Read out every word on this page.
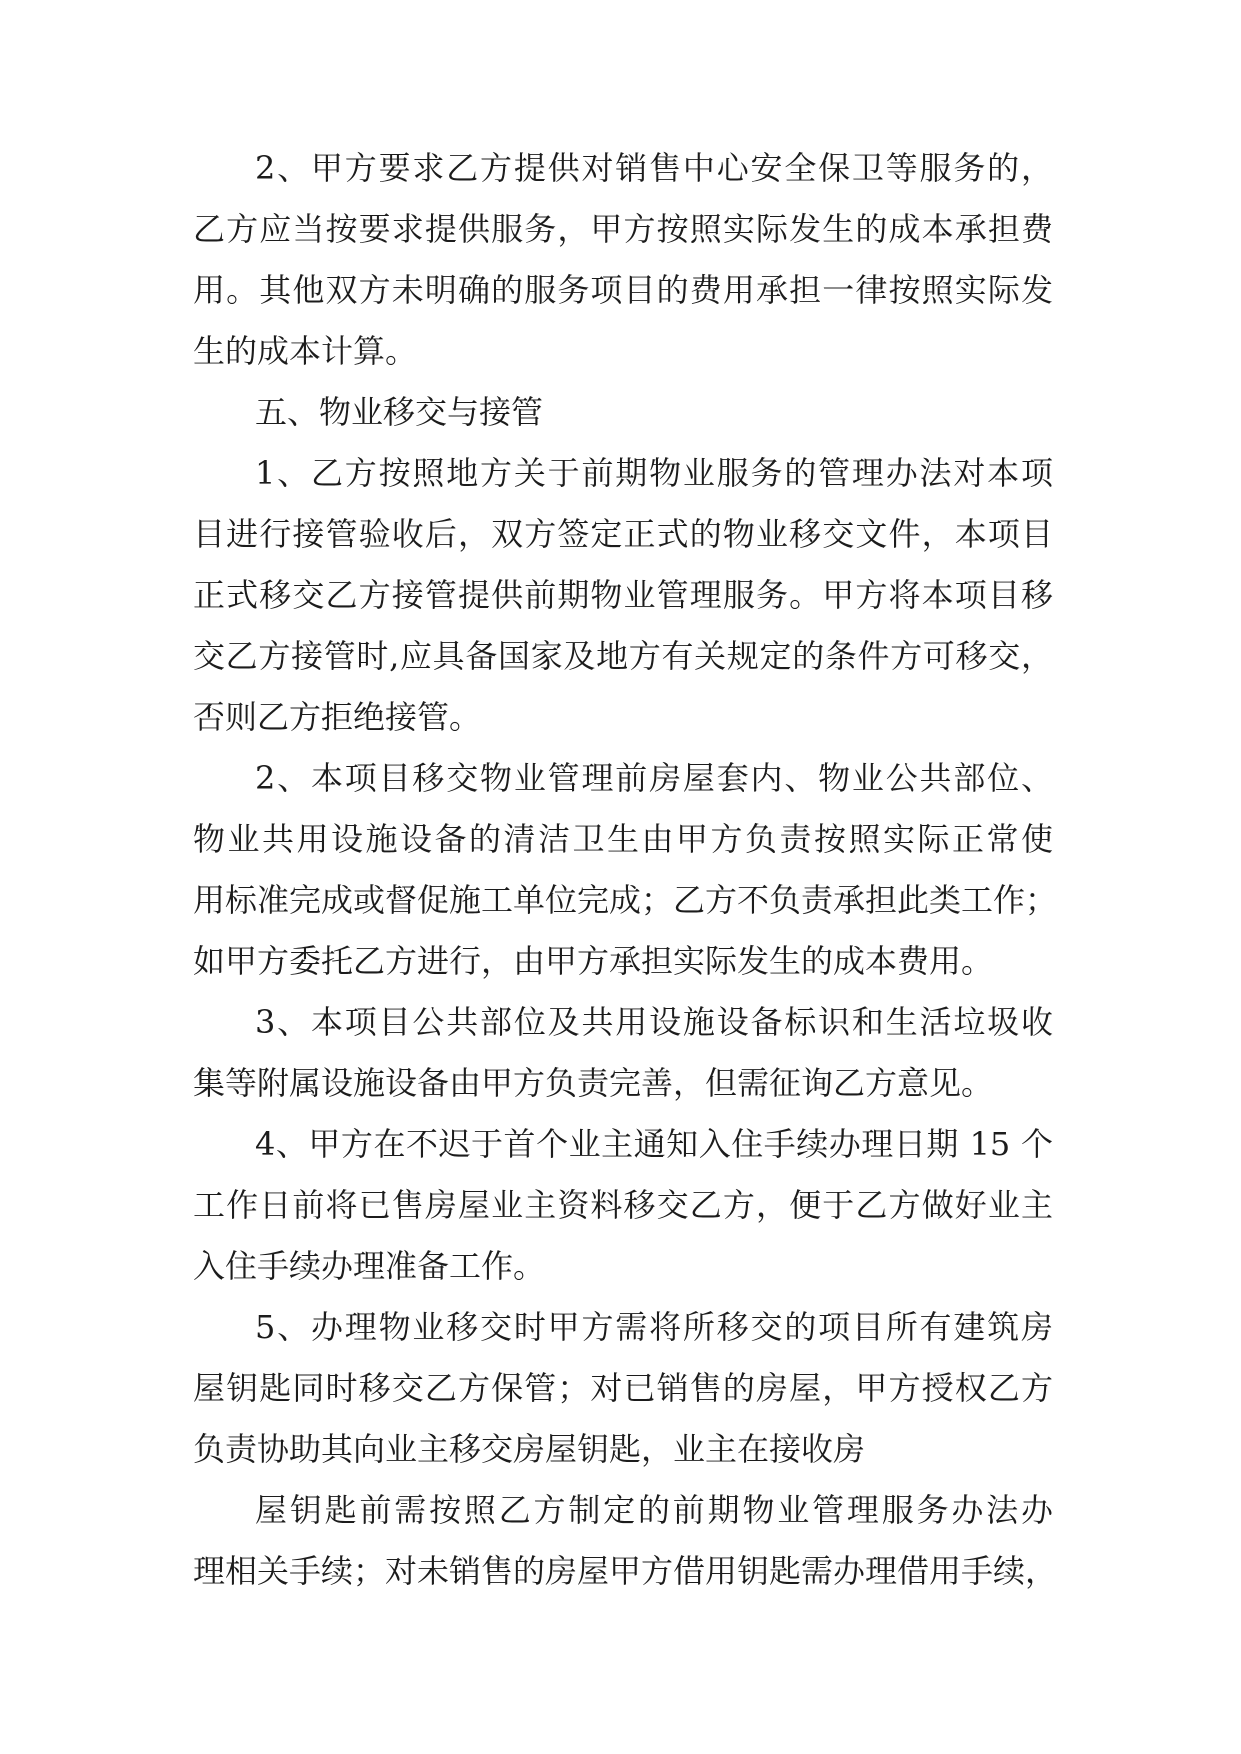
2、甲方要求乙方提供对销售中心安全保卫等服务的，

乙方应当按要求提供服务，甲方按照实际发生的成本承担费

用。其他双方未明确的服务项目的费用承担一律按照实际发

生的成本计算。

五、物业移交与接管

1、乙方按照地方关于前期物业服务的管理办法对本项

目进行接管验收后，双方签定正式的物业移交文件，本项目

正式移交乙方接管提供前期物业管理服务。甲方将本项目移

交乙方接管时,应具备国家及地方有关规定的条件方可移交，

否则乙方拒绝接管。

2、本项目移交物业管理前房屋套内、物业公共部位、

物业共用设施设备的清洁卫生由甲方负责按照实际正常使

用标准完成或督促施工单位完成；乙方不负责承担此类工作；

如甲方委托乙方进行，由甲方承担实际发生的成本费用。

3、本项目公共部位及共用设施设备标识和生活垃圾收

集等附属设施设备由甲方负责完善，但需征询乙方意见。

4、甲方在不迟于首个业主通知入住手续办理日期 15 个

工作日前将已售房屋业主资料移交乙方，便于乙方做好业主

入住手续办理准备工作。

5、办理物业移交时甲方需将所移交的项目所有建筑房

屋钥匙同时移交乙方保管；对已销售的房屋，甲方授权乙方

负责协助其向业主移交房屋钥匙，业主在接收房

屋钥匙前需按照乙方制定的前期物业管理服务办法办

理相关手续；对未销售的房屋甲方借用钥匙需办理借用手续，
